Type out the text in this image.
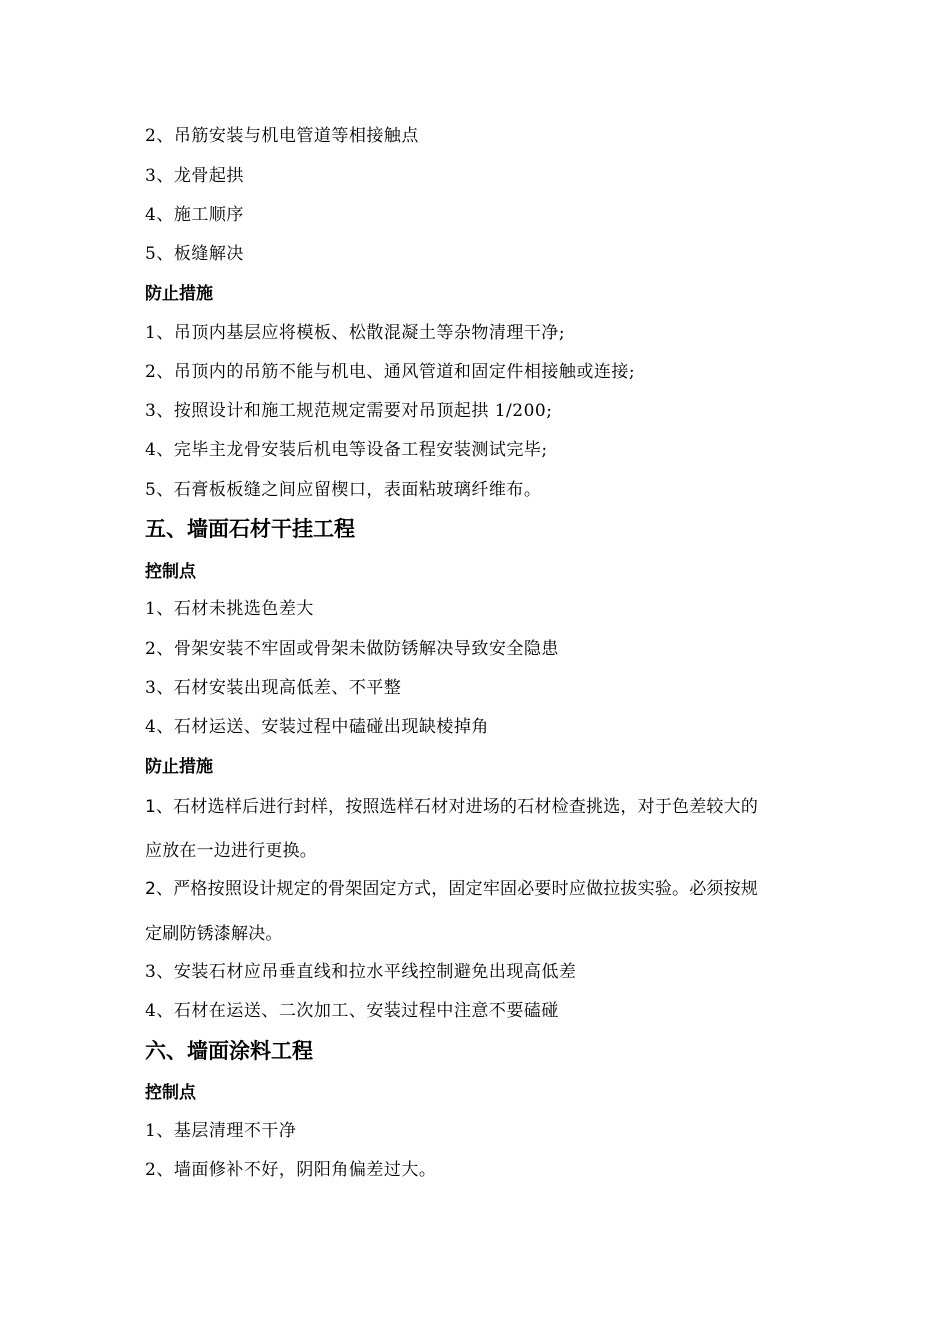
2、吊筋安装与机电管道等相接触点
3、龙骨起拱
4、施工顺序
5、板缝解决
防止措施
1、吊顶内基层应将模板、松散混凝土等杂物清理干净;
2、吊顶内的吊筋不能与机电、通风管道和固定件相接触或连接;
3、按照设计和施工规范规定需要对吊顶起拱 1/200;
4、完毕主龙骨安装后机电等设备工程安装测试完毕;
5、石膏板板缝之间应留楔口，表面粘玻璃纤维布。
五、墙面石材干挂工程
控制点
1、石材未挑选色差大
2、骨架安装不牢固或骨架未做防锈解决导致安全隐患
3、石材安装出现高低差、不平整
4、石材运送、安装过程中磕碰出现缺棱掉角
防止措施
1、石材选样后进行封样，按照选样石材对进场的石材检查挑选，对于色差较大的
应放在一边进行更换。
2、严格按照设计规定的骨架固定方式，固定牢固必要时应做拉拔实验。必须按规
定刷防锈漆解决。
3、安装石材应吊垂直线和拉水平线控制避免出现高低差
4、石材在运送、二次加工、安装过程中注意不要磕碰
六、墙面涂料工程
控制点
1、基层清理不干净
2、墙面修补不好，阴阳角偏差过大。
